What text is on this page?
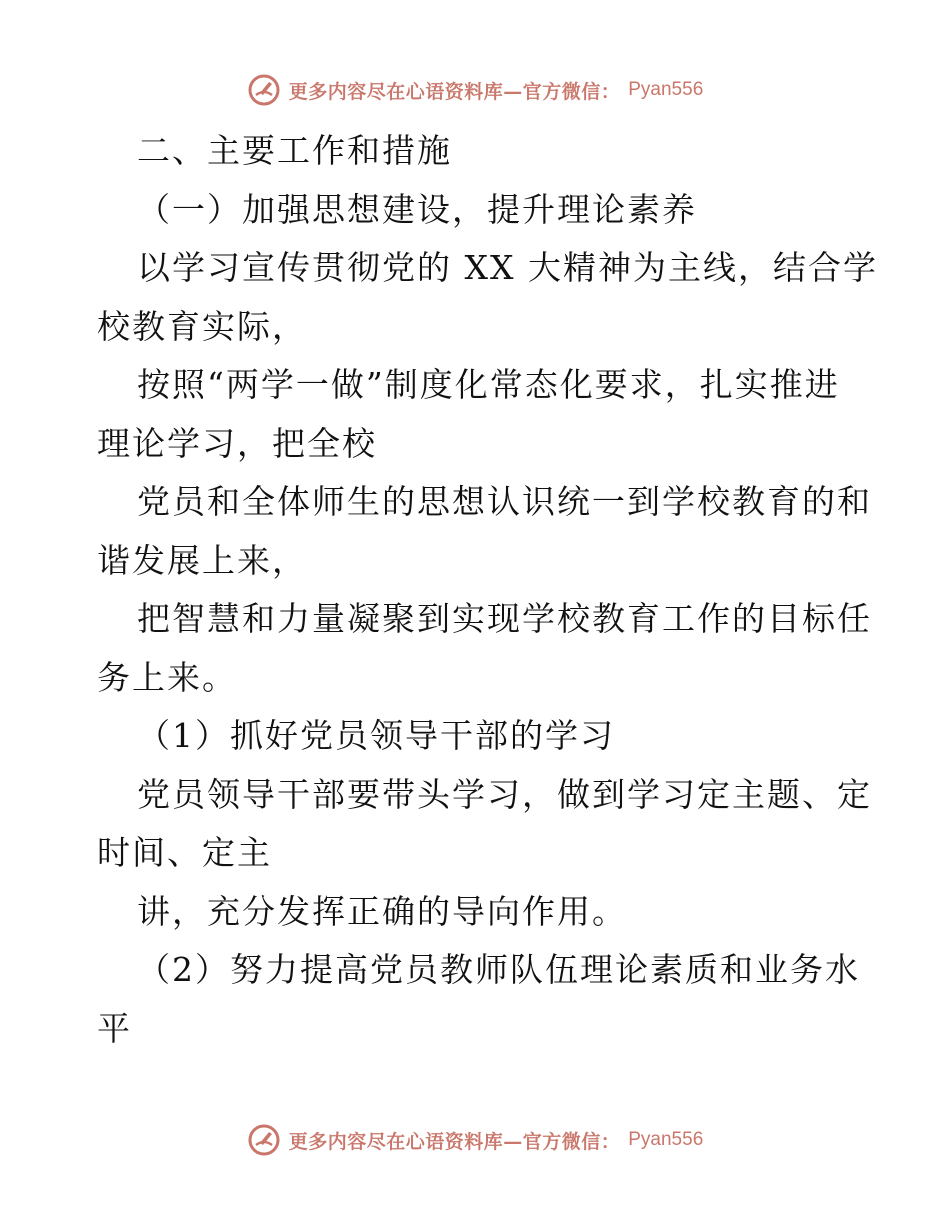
更多内容尽在心语资料库—官方微信： Pyan556
二、主要工作和措施
（一）加强思想建设，提升理论素养
以学习宣传贯彻党的 XX 大精神为主线，结合学
校教育实际，
按照“两学一做”制度化常态化要求，扎实推进
理论学习，把全校
党员和全体师生的思想认识统一到学校教育的和
谐发展上来，
把智慧和力量凝聚到实现学校教育工作的目标任
务上来。
（1）抓好党员领导干部的学习
党员领导干部要带头学习，做到学习定主题、定
时间、定主
讲，充分发挥正确的导向作用。
（2）努力提高党员教师队伍理论素质和业务水
平
更多内容尽在心语资料库—官方微信： Pyan556
